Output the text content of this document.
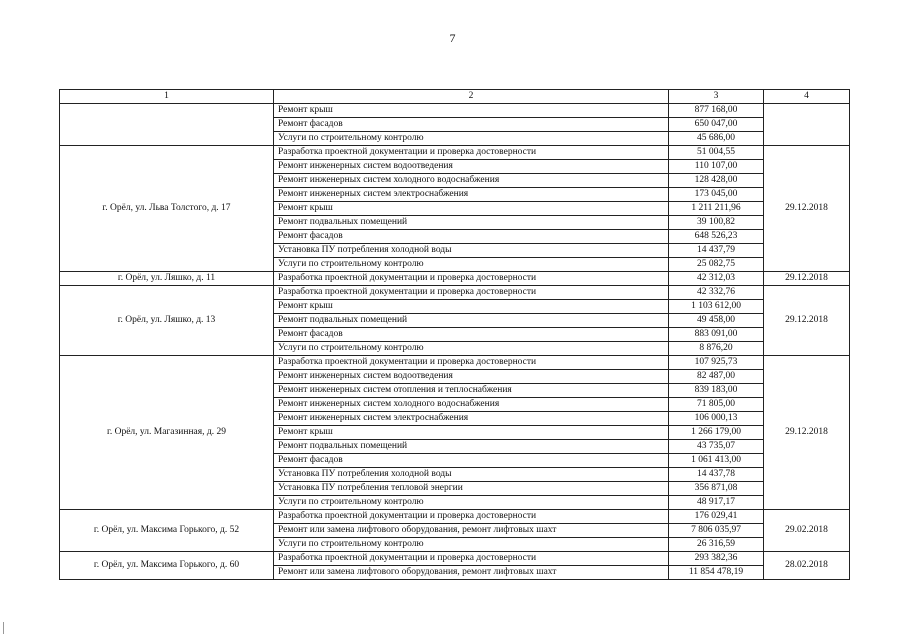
7
1	2	3	4
	Ремонт крыш	877 168,00	
	Ремонт фасадов	650 047,00	
	Услуги по строительному контролю	45 686,00	
г. Орёл, ул. Льва Толстого, д. 17	Разработка проектной документации и проверка достоверности	51 004,55	29.12.2018
	Ремонт инженерных систем водоотведения	110 107,00	
	Ремонт инженерных систем холодного водоснабжения	128 428,00	
	Ремонт инженерных систем электроснабжения	173 045,00	
	Ремонт крыш	1 211 211,96	
	Ремонт подвальных помещений	39 100,82	
	Ремонт фасадов	648 526,23	
	Установка ПУ потребления холодной воды	14 437,79	
	Услуги по строительному контролю	25 082,75	
г. Орёл, ул. Ляшко, д. 11	Разработка проектной документации и проверка достоверности	42 312,03	29.12.2018
г. Орёл, ул. Ляшко, д. 13	Разработка проектной документации и проверка достоверности	42 332,76	29.12.2018
	Ремонт крыш	1 103 612,00	
	Ремонт подвальных помещений	49 458,00	
	Ремонт фасадов	883 091,00	
	Услуги по строительному контролю	8 876,20	
г. Орёл, ул. Магазинная, д. 29	Разработка проектной документации и проверка достоверности	107 925,73	29.12.2018
	Ремонт инженерных систем водоотведения	82 487,00	
	Ремонт инженерных систем отопления и теплоснабжения	839 183,00	
	Ремонт инженерных систем холодного водоснабжения	71 805,00	
	Ремонт инженерных систем электроснабжения	106 000,13	
	Ремонт крыш	1 266 179,00	
	Ремонт подвальных помещений	43 735,07	
	Ремонт фасадов	1 061 413,00	
	Установка ПУ потребления холодной воды	14 437,78	
	Установка ПУ потребления тепловой энергии	356 871,08	
	Услуги по строительному контролю	48 917,17	
г. Орёл, ул. Максима Горького, д. 52	Разработка проектной документации и проверка достоверности	176 029,41	29.02.2018
	Ремонт или замена лифтового оборудования, ремонт лифтовых шахт	7 806 035,97	
	Услуги по строительному контролю	26 316,59	
г. Орёл, ул. Максима Горького, д. 60	Разработка проектной документации и проверка достоверности	293 382,36	28.02.2018
	Ремонт или замена лифтового оборудования, ремонт лифтовых шахт	11 854 478,19	
